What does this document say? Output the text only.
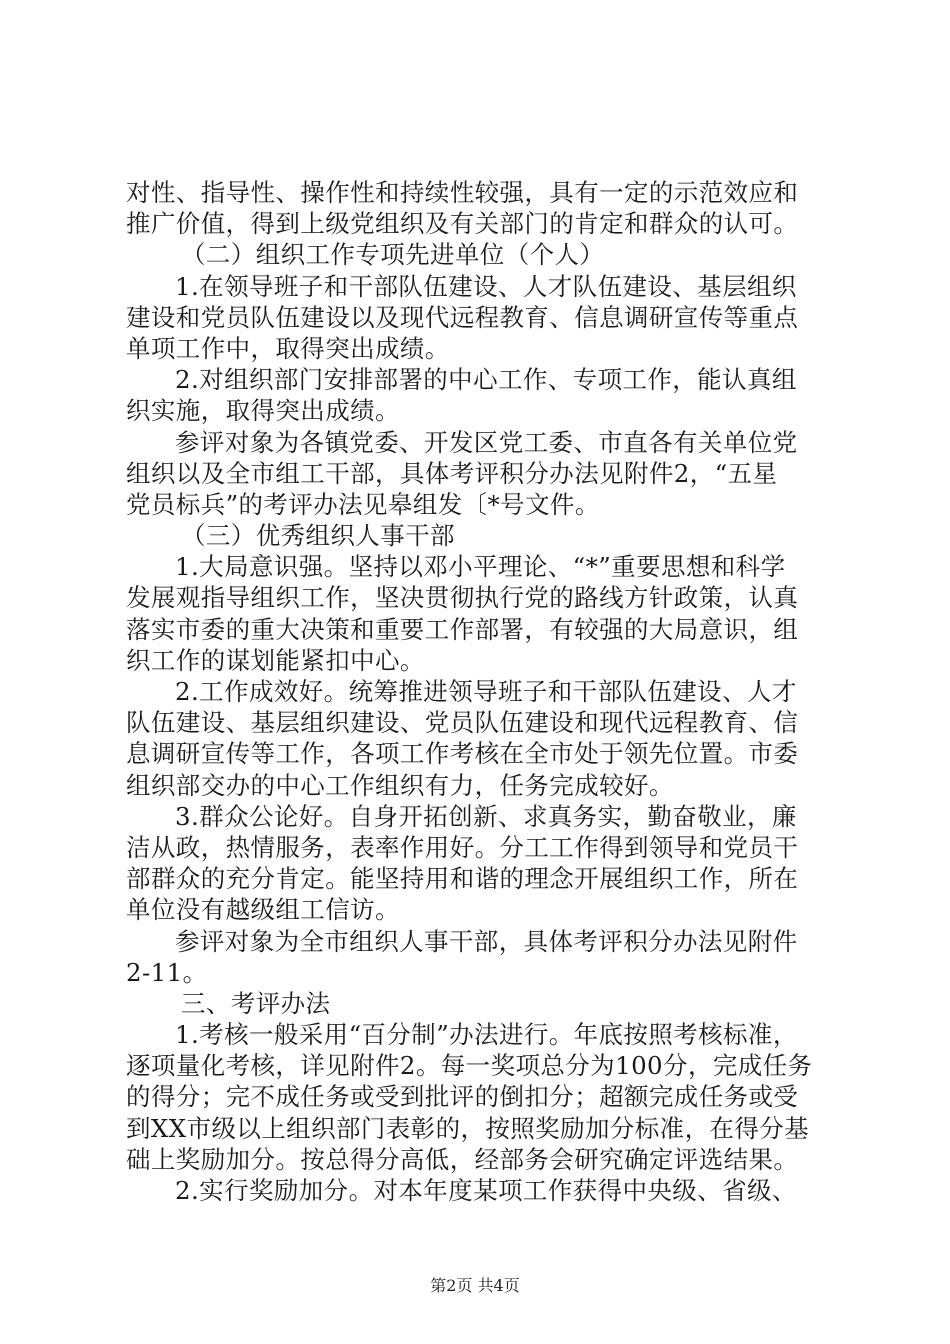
对性、指导性、操作性和持续性较强，具有一定的示范效应和
推广价值，得到上级党组织及有关部门的肯定和群众的认可。
（二）组织工作专项先进单位（个人）
1.在领导班子和干部队伍建设、人才队伍建设、基层组织
建设和党员队伍建设以及现代远程教育、信息调研宣传等重点
单项工作中，取得突出成绩。
2.对组织部门安排部署的中心工作、专项工作，能认真组
织实施，取得突出成绩。
参评对象为各镇党委、开发区党工委、市直各有关单位党
组织以及全市组工干部，具体考评积分办法见附件2，“五星
党员标兵”的考评办法见皋组发〔*号文件。
（三）优秀组织人事干部
1.大局意识强。坚持以邓小平理论、“*”重要思想和科学
发展观指导组织工作，坚决贯彻执行党的路线方针政策，认真
落实市委的重大决策和重要工作部署，有较强的大局意识，组
织工作的谋划能紧扣中心。
2.工作成效好。统筹推进领导班子和干部队伍建设、人才
队伍建设、基层组织建设、党员队伍建设和现代远程教育、信
息调研宣传等工作，各项工作考核在全市处于领先位置。市委
组织部交办的中心工作组织有力，任务完成较好。
3.群众公论好。自身开拓创新、求真务实，勤奋敬业，廉
洁从政，热情服务，表率作用好。分工工作得到领导和党员干
部群众的充分肯定。能坚持用和谐的理念开展组织工作，所在
单位没有越级组工信访。
参评对象为全市组织人事干部，具体考评积分办法见附件
2-11。
三、考评办法
1.考核一般采用“百分制”办法进行。年底按照考核标准，
逐项量化考核，详见附件2。每一奖项总分为100分，完成任务
的得分；完不成任务或受到批评的倒扣分；超额完成任务或受
到XX市级以上组织部门表彰的，按照奖励加分标准，在得分基
础上奖励加分。按总得分高低，经部务会研究确定评选结果。
2.实行奖励加分。对本年度某项工作获得中央级、省级、
第2页 共4页
